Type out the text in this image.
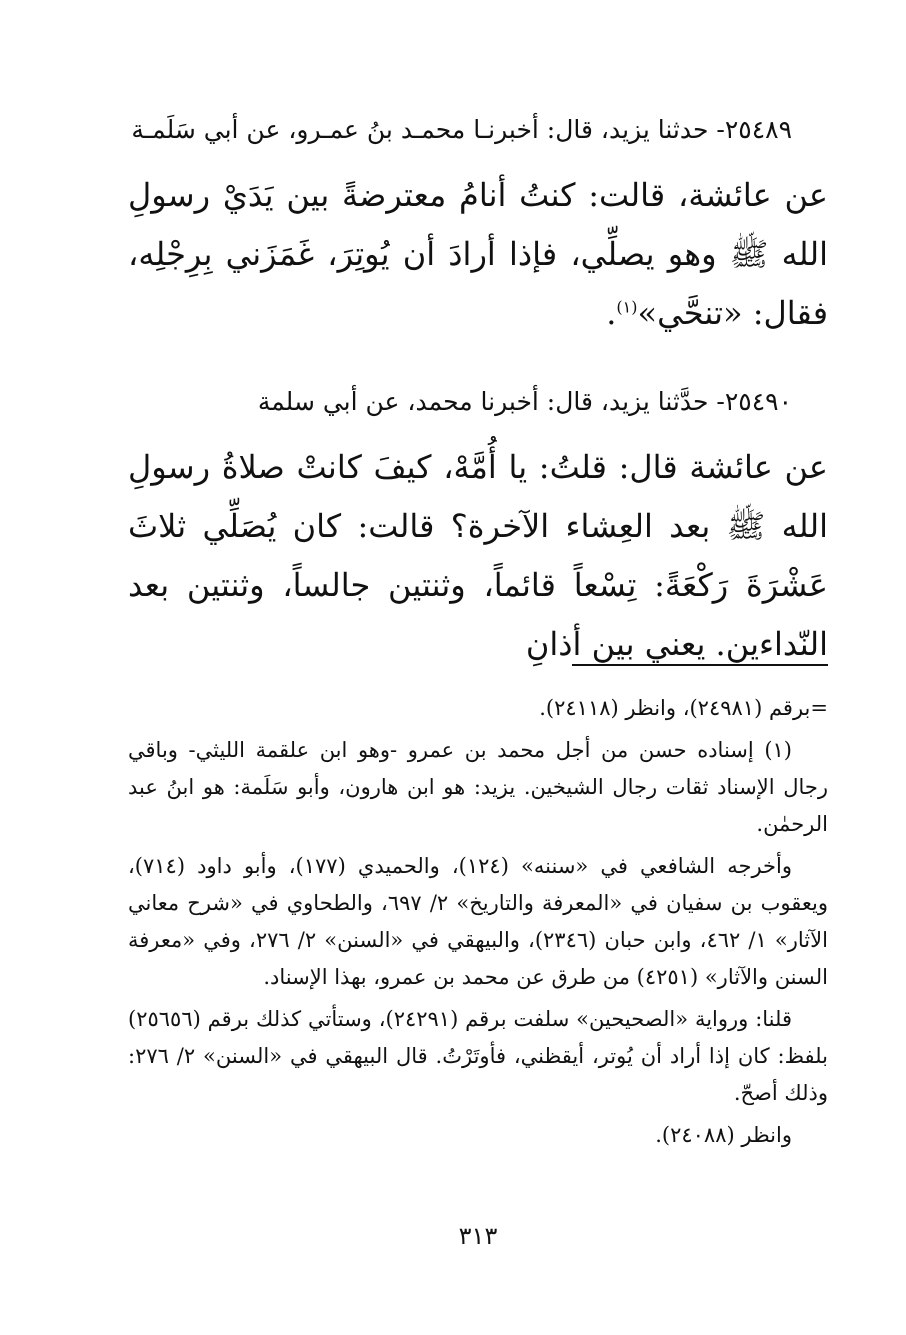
٢٥٤٨٩- حدثنا يزيد، قال: أخبرنـا محمـد بنُ عمـرو، عن أبي سَلَمـة
عن عائشة، قالت: كنتُ أنامُ معترضةً بين يَدَيْ رسولِ الله ﷺ وهو يصلِّي، فإذا أرادَ أن يُوتِرَ، غَمَزَني بِرِجْلِه، فقال: «تنحَّي»$^{(١)}$.
٢٥٤٩٠- حدَّثنا يزيد، قال: أخبرنا محمد، عن أبي سلمة
عن عائشة قال: قلتُ: يا أُمَّهْ، كيفَ كانتْ صلاةُ رسولِ الله ﷺ بعد العِشاء الآخرة؟ قالت: كان يُصَلِّي ثلاثَ عَشْرَةَ رَكْعَةً: تِسْعاً قائماً، وثنتين جالساً، وثنتين بعد النّداءين. يعني بين أذانِ

=برقم (٢٤٩٨١)، وانظر (٢٤١١٨).

(١) إسناده حسن من أجل محمد بن عمرو -وهو ابن علقمة الليثي- وباقي رجال الإسناد ثقات رجال الشيخين. يزيد: هو ابن هارون، وأبو سَلَمة: هو ابنُ عبد الرحمٰن.

وأخرجه الشافعي في «سننه» (١٢٤)، والحميدي (١٧٧)، وأبو داود (٧١٤)، ويعقوب بن سفيان في «المعرفة والتاريخ» ٢/ ٦٩٧، والطحاوي في «شرح معاني الآثار» ١/ ٤٦٢، وابن حبان (٢٣٤٦)، والبيهقي في «السنن» ٢/ ٢٧٦، وفي «معرفة السنن والآثار» (٤٢٥١) من طرق عن محمد بن عمرو، بهذا الإسناد.

قلنا: ورواية «الصحيحين» سلفت برقم (٢٤٢٩١)، وستأتي كذلك برقم (٢٥٦٥٦) بلفظ: كان إذا أراد أن يُوتر، أيقظني، فأوتَرْتُ. قال البيهقي في «السنن» ٢/ ٢٧٦: وذلك أصحّ.

وانظر (٢٤٠٨٨).

٣١٣
